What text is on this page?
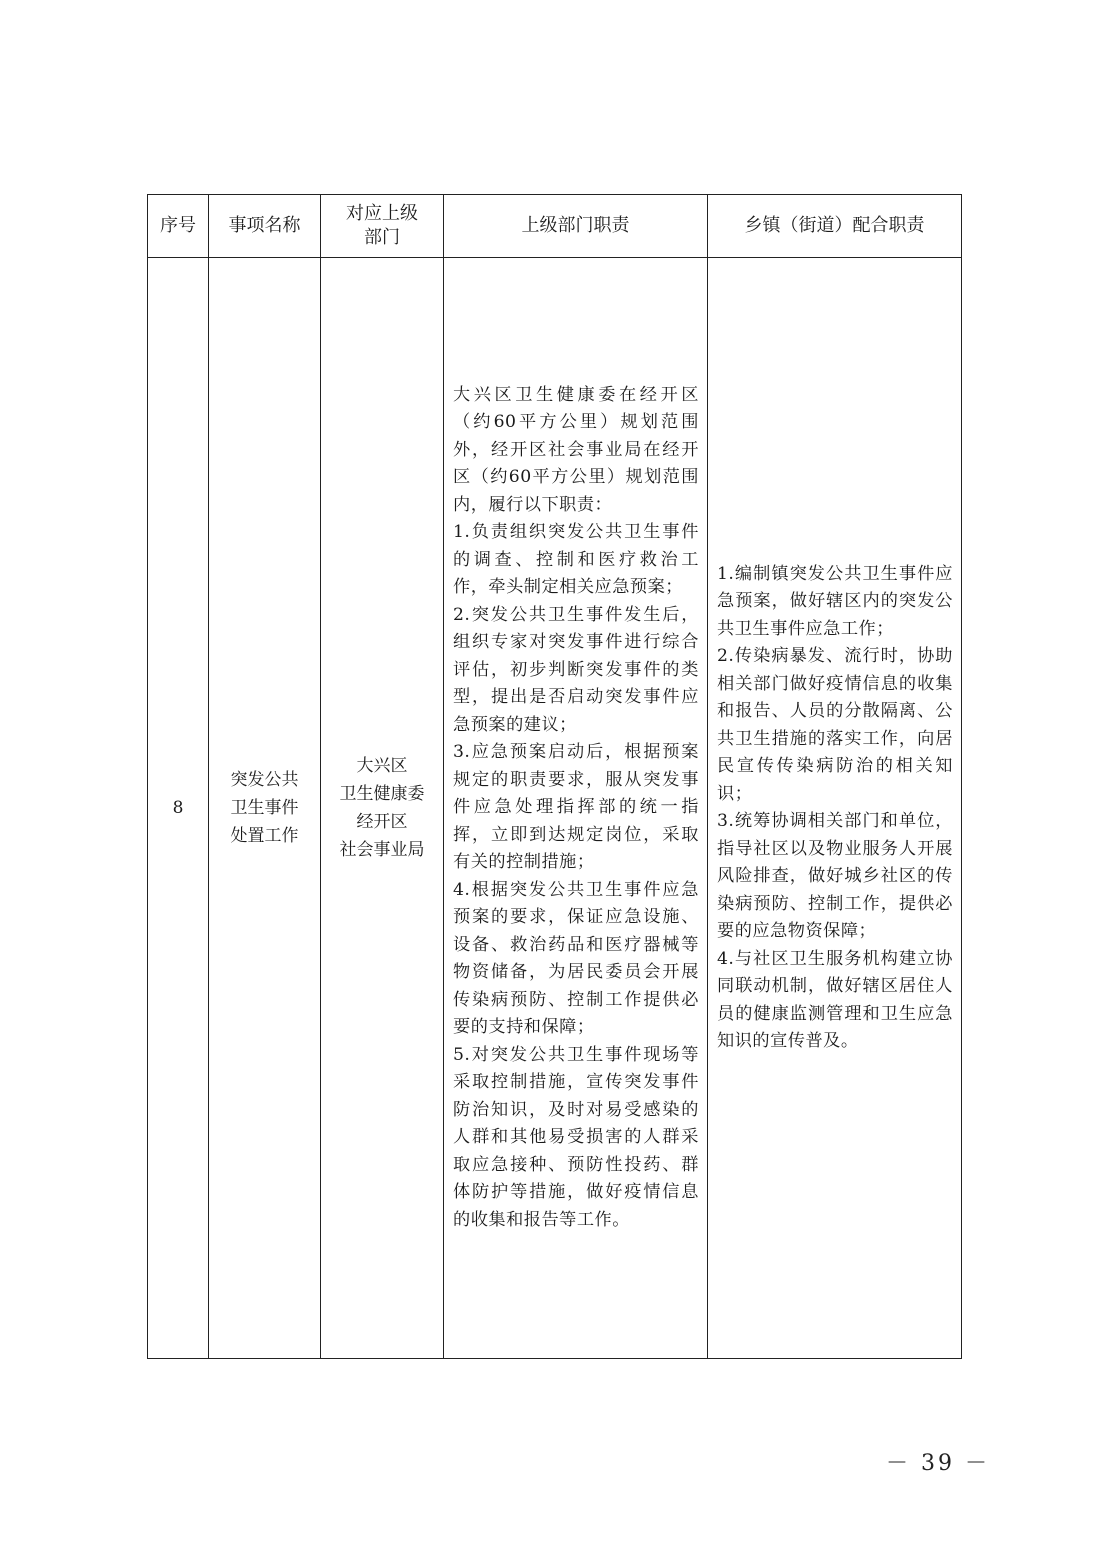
序号	事项名称
对应上级
部门
上级部门职责	乡镇（街道）配合职责
8
突发公共
卫生事件
处置工作
大兴区
卫生健康委
经开区
社会事业局

大兴区卫生健康委在经开区（约60平方公里）规划范围外，经开区社会事业局在经开区（约60平方公里）规划范围内，履行以下职责：

1.负责组织突发公共卫生事件的调查、控制和医疗救治工作，牵头制定相关应急预案；

2.突发公共卫生事件发生后，组织专家对突发事件进行综合评估，初步判断突发事件的类型，提出是否启动突发事件应急预案的建议；

3.应急预案启动后，根据预案规定的职责要求，服从突发事件应急处理指挥部的统一指挥，立即到达规定岗位，采取有关的控制措施；

4.根据突发公共卫生事件应急预案的要求，保证应急设施、设备、救治药品和医疗器械等物资储备，为居民委员会开展传染病预防、控制工作提供必要的支持和保障；

5.对突发公共卫生事件现场等采取控制措施，宣传突发事件防治知识，及时对易受感染的人群和其他易受损害的人群采取应急接种、预防性投药、群体防护等措施，做好疫情信息的收集和报告等工作。

1.编制镇突发公共卫生事件应急预案，做好辖区内的突发公共卫生事件应急工作；

2.传染病暴发、流行时，协助相关部门做好疫情信息的收集和报告、人员的分散隔离、公共卫生措施的落实工作，向居民宣传传染病防治的相关知识；

3.统筹协调相关部门和单位，指导社区以及物业服务人开展风险排查，做好城乡社区的传染病预防、控制工作，提供必要的应急物资保障；

4.与社区卫生服务机构建立协同联动机制，做好辖区居住人员的健康监测管理和卫生应急知识的宣传普及。

－ 39 －
